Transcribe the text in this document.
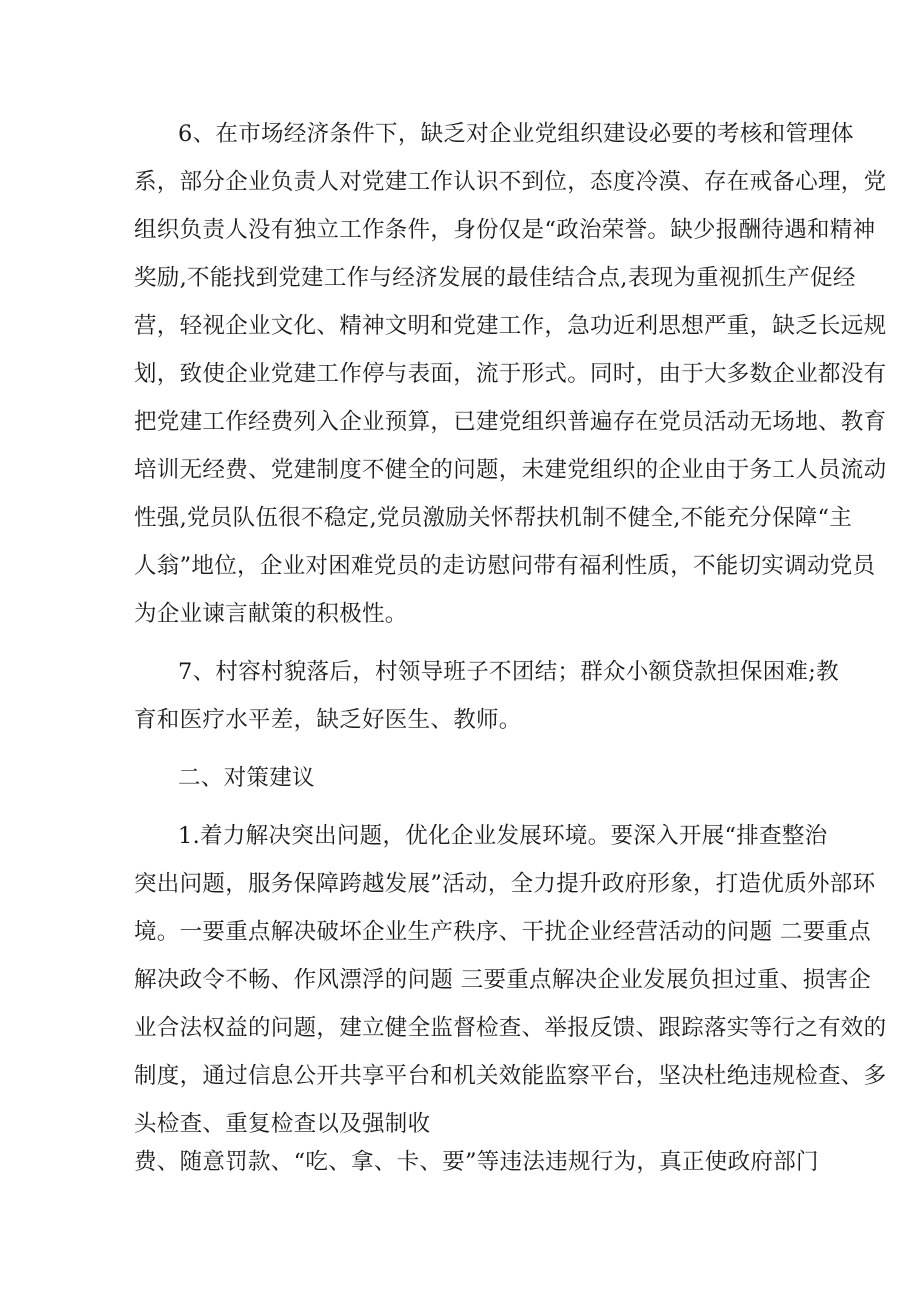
6、在市场经济条件下，缺乏对企业党组织建设必要的考核和管理体
系，部分企业负责人对党建工作认识不到位，态度冷漠、存在戒备心理，党
组织负责人没有独立工作条件，身份仅是“政治荣誉。缺少报酬待遇和精神
奖励,不能找到党建工作与经济发展的最佳结合点,表现为重视抓生产促经
营，轻视企业文化、精神文明和党建工作，急功近利思想严重，缺乏长远规
划，致使企业党建工作停与表面，流于形式。同时，由于大多数企业都没有
把党建工作经费列入企业预算，已建党组织普遍存在党员活动无场地、教育
培训无经费、党建制度不健全的问题，未建党组织的企业由于务工人员流动
性强,党员队伍很不稳定,党员激励关怀帮扶机制不健全,不能充分保障“主
人翁”地位，企业对困难党员的走访慰问带有福利性质，不能切实调动党员
为企业谏言献策的积极性。
7、村容村貌落后，村领导班子不团结；群众小额贷款担保困难;教
育和医疗水平差，缺乏好医生、教师。
二、对策建议
1.着力解决突出问题，优化企业发展环境。要深入开展“排查整治
突出问题，服务保障跨越发展”活动，全力提升政府形象，打造优质外部环
境。一要重点解决破坏企业生产秩序、干扰企业经营活动的问题 二要重点
解决政令不畅、作风漂浮的问题 三要重点解决企业发展负担过重、损害企
业合法权益的问题，建立健全监督检查、举报反馈、跟踪落实等行之有效的
制度，通过信息公开共享平台和机关效能监察平台，坚决杜绝违规检查、多
头检查、重复检查以及强制收
费、随意罚款、“吃、拿、卡、要”等违法违规行为，真正使政府部门
